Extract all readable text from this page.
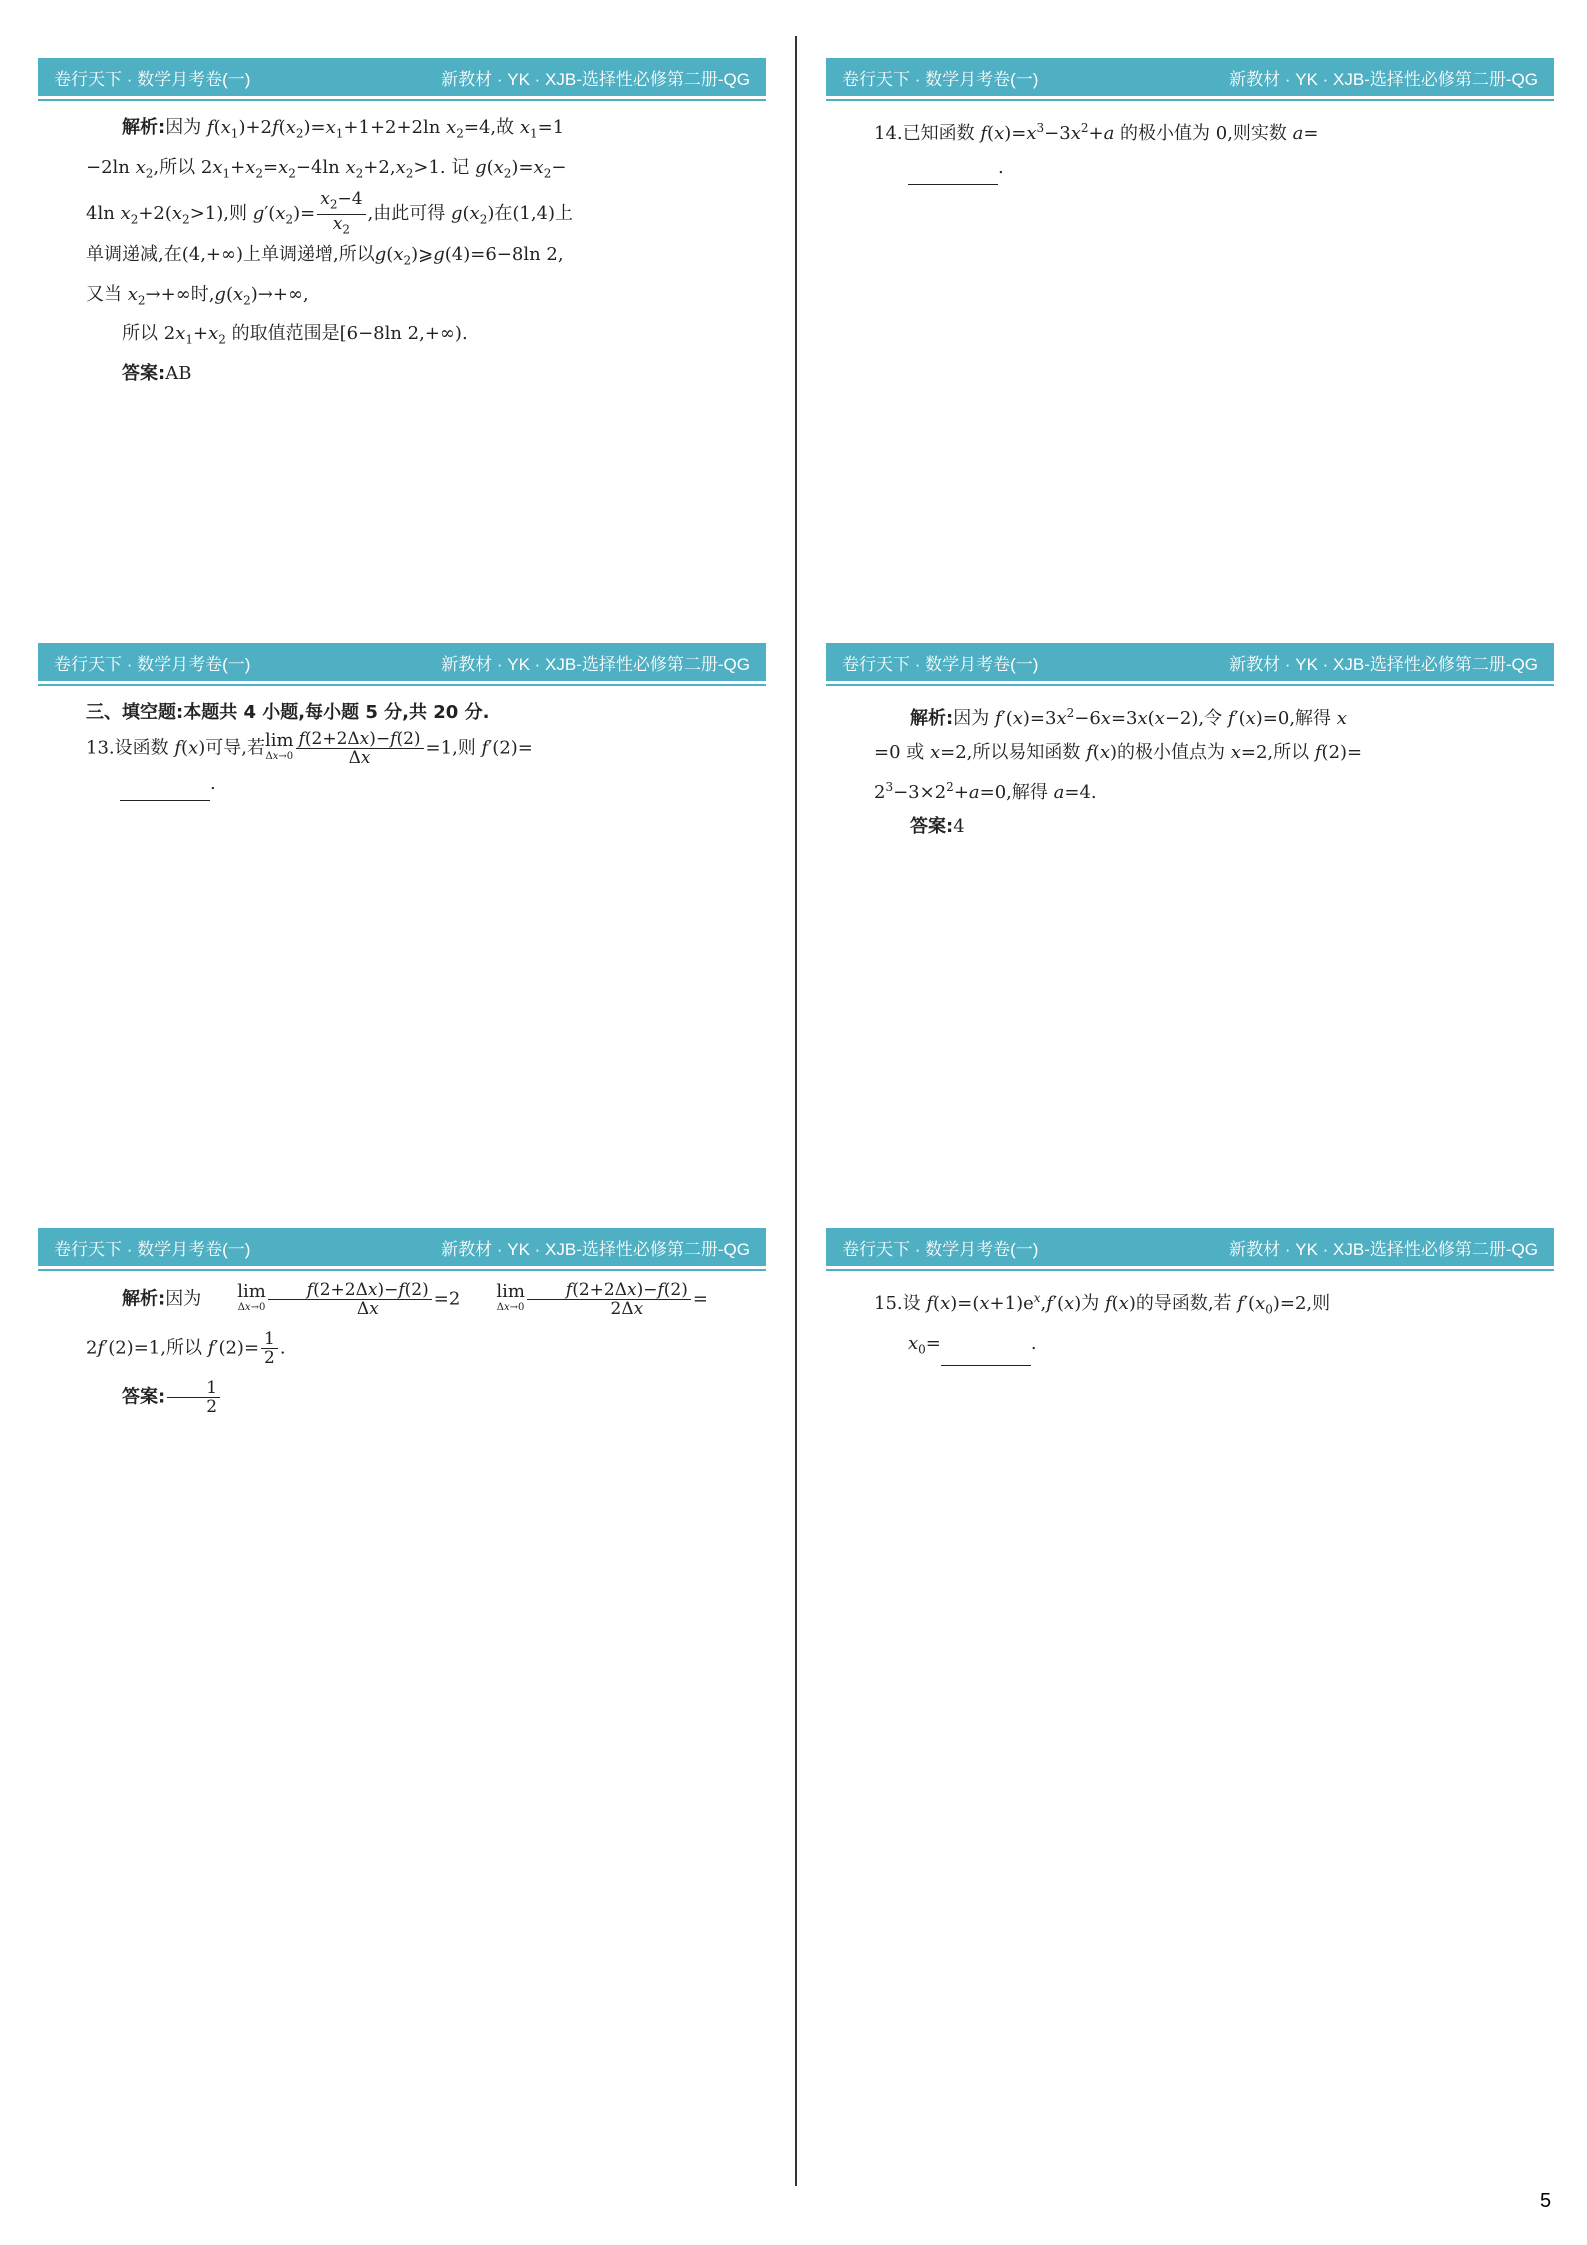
卷行天下 · 数学月考卷(一)	新教材 · YK · XJB-选择性必修第二册-QG

解析:因为 $f(x_1)+2f(x_2)=x_1+1+2+2\ln$ $x_2=4$,故 $x_1=1$

−2ln $x_2$,所以 $2x_1+x_2=x_2-4\ln$ $x_2+2,x_2>1$. 记 $g(x_2)=x_2-$

4ln $x_2+2(x_2>1)$,则 $g'(x_2)= \frac{x_2-4}{x_2}$ ,由此可得 $g(x_2)$在(1,4)上

单调递减,在(4,+∞)上单调递增,所以$g(x_2)⩾g(4)=6-8\ln$ 2,

又当 $x_2\to+\infty$时$,g(x_2)\to+\infty$,

所以 $2x_1+x_2$ 的取值范围是[6−8ln 2,+∞).

答案:AB

卷行天下 · 数学月考卷(一)	新教材 · YK · XJB-选择性必修第二册-QG

14.已知函数 $f(x)=x^3-3x^2+a$ 的极小值为 0,则实数 a=

.

卷行天下 · 数学月考卷(一)	新教材 · YK · XJB-选择性必修第二册-QG

三、填空题:本题共 4 小题,每小题 5 分,共 20 分.

13.设函数 f(x)可导,若 lim
$\Delta x\to 0 \frac{f(2+2\Delta x)-f(2)}{\Delta x} =1$,则 f′(2)=

.

卷行天下 · 数学月考卷(一)	新教材 · YK · XJB-选择性必修第二册-QG

解析:因为 $f'(x)=3x^2-6x=3x(x-2)$,令 f′(x)=0,解得 x

=0 或 x=2,所以易知函数 f(x)的极小值点为 x=2,所以 f(2)=

$2^3-3\times 2^2+a=0$,解得 a=4.

答案:4

卷行天下 · 数学月考卷(一)	新教材 · YK · XJB-选择性必修第二册-QG

解析:因为	lim
$\Delta x\to 0 \frac{f(2+2\Delta x)-f(2)}{\Delta x} =2$	lim
$\Delta x\to 0 \frac{f(2+2\Delta x)-f(2)}{2\Delta x}$ =

2f′(2)=1,所以 $f'(2)= \frac{1}{2}$ .

答案: $\frac{1}{2}$

卷行天下 · 数学月考卷(一)	新教材 · YK · XJB-选择性必修第二册-QG

15.设 $f(x)=(x+1)e^x,f'(x)$为 f(x)的导函数,若 $f'(x_0)=2$,则

$x_0=$	.

5
